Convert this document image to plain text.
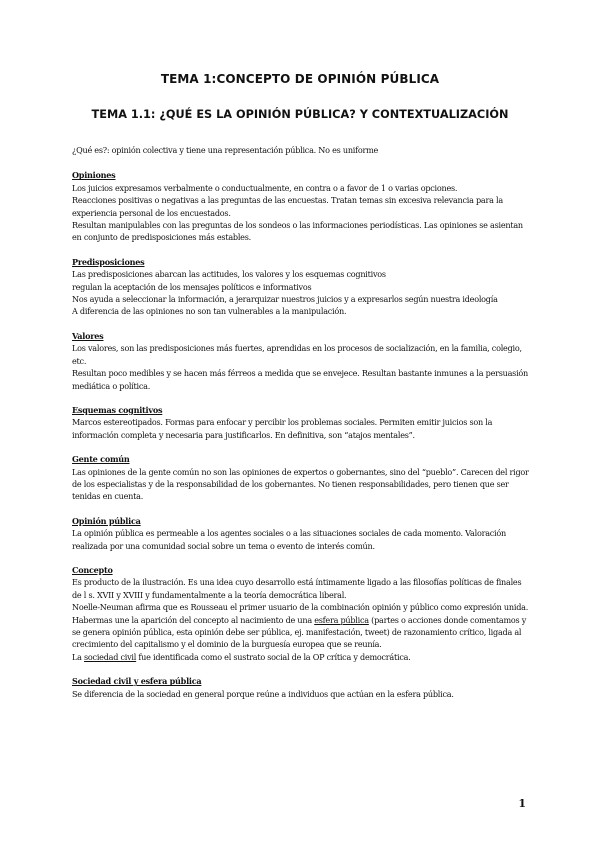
TEMA 1:CONCEPTO DE OPINIÓN PÚBLICA
TEMA 1.1: ¿QUÉ ES LA OPINIÓN PÚBLICA? Y CONTEXTUALIZACIÓN

¿Qué es?: opinión colectiva y tiene una representación pública. No es uniforme

Opiniones

Los juicios expresamos verbalmente o conductualmente, en contra o a favor de 1 o varias opciones.

Reacciones positivas o negativas a las preguntas de las encuestas. Tratan temas sin excesiva relevancia para la experiencia personal de los encuestados.

Resultan manipulables con las preguntas de los sondeos o las informaciones periodísticas. Las opiniones se asientan en conjunto de predisposiciones más estables.

Predisposiciones

Las predisposiciones abarcan las actitudes, los valores y los esquemas cognitivos

regulan la aceptación de los mensajes políticos e informativos

Nos ayuda a seleccionar la información, a jerarquizar nuestros juicios y a expresarlos según nuestra ideología

A diferencia de las opiniones no son tan vulnerables a la manipulación.

Valores

Los valores, son las predisposiciones más fuertes, aprendidas en los procesos de socialización, en la familia, colegio, etc.

Resultan poco medibles y se hacen más férreos a medida que se envejece. Resultan bastante inmunes a la persuasión mediática o política.

Esquemas cognitivos

Marcos estereotipados. Formas para enfocar y percibir los problemas sociales. Permiten emitir juicios son la información completa y necesaria para justificarlos. En definitiva, son “atajos mentales”.

Gente común

Las opiniones de la gente común no son las opiniones de expertos o gobernantes, sino del “pueblo”. Carecen del rigor de los especialistas y de la responsabilidad de los gobernantes. No tienen responsabilidades, pero tienen que ser tenidas en cuenta.

Opinión pública

La opinión pública es permeable a los agentes sociales o a las situaciones sociales de cada momento. Valoración realizada por una comunidad social sobre un tema o evento de interés común.

Concepto

Es producto de la ilustración. Es una idea cuyo desarrollo está íntimamente ligado a las filosofías políticas de finales de l s. XVII y XVIII y fundamentalmente a la teoría democrática liberal.

Noelle-Neuman afirma que es Rousseau el primer usuario de la combinación opinión y público como expresión unida.

Habermas une la aparición del concepto al nacimiento de una esfera pública (partes o acciones donde comentamos y se genera opinión pública, esta opinión debe ser pública, ej. manifestación, tweet) de razonamiento crítico, ligada al crecimiento del capitalismo y el dominio de la burguesía europea que se reunía.

La sociedad civil fue identificada como el sustrato social de la OP crítica y democrática.

Sociedad civil y esfera pública

Se diferencia de la sociedad en general porque reúne a individuos que actúan en la esfera pública.

1
